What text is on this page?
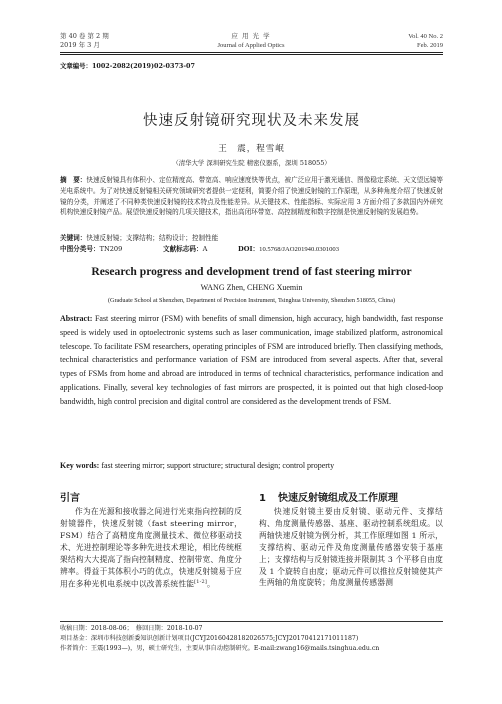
第 40 卷 第 2 期
2019 年 3 月
应 用 光 学
Journal of Applied Optics
Vol. 40 No. 2
Feb. 2019
文章编号：1002-2082(2019)02-0373-07
快速反射镜研究现状及未来发展
王　震，程雪岷
（清华大学 深圳研究生院 精密仪器系，深圳 518055）
摘　要：快速反射镜具有体积小、定位精度高、带宽高、响应速度快等优点，被广泛应用于激光通信、图像稳定系统、天文望远镜等光电系统中。为了对快速反射镜相关研究领域研究者提供一定便利，简要介绍了快速反射镜的工作原理，从多种角度介绍了快速反射镜的分类，并阐述了不同种类快速反射镜的技术特点及性能差异。从关键技术、性能指标、实际应用 3 方面介绍了多款国内外研究机构快速反射镜产品。展望快速反射镜的几项关键技术，指出高闭环带宽、高控制精度和数字控制是快速反射镜的发展趋势。
关键词：快速反射镜；支撑结构；结构设计；控制性能
中图分类号：TN209	文献标志码：A	DOI：10.5768/JAO201940.0301003
Research progress and development trend of fast steering mirror
WANG Zhen, CHENG Xuemin
(Graduate School at Shenzhen, Department of Precision Instrument, Tsinghua University, Shenzhen 518055, China)
Abstract: Fast steering mirror (FSM) with benefits of small dimension, high accuracy, high bandwidth, fast response speed is widely used in optoelectronic systems such as laser communication, image stabilized platform, astronomical telescope. To facilitate FSM researchers, operating principles of FSM are introduced briefly. Then classifying methods, technical characteristics and performance variation of FSM are introduced from several aspects. After that, several types of FSMs from home and abroad are introduced in terms of technical characteristics, performance indication and applications. Finally, several key technologies of fast mirrors are prospected, it is pointed out that high closed-loop bandwidth, high control precision and digital control are considered as the development trends of FSM.
Key words: fast steering mirror; support structure; structural design; control property
引言
作为在光源和接收器之间进行光束指向控制的反射镜器件，快速反射镜（fast steering mirror，FSM）结合了高精度角度测量技术、微位移驱动技术、光进控制理论等多种先进技术理论，相比传统框架结构大大提高了指向控制精度、控制带宽、角度分辨率。得益于其体积小巧的优点，快速反射镜易于应用在多种光机电系统中以改善系统性能[1-2]。
1 快速反射镜组成及工作原理
快速反射镜主要由反射镜、驱动元件、支撑结构、角度测量传感器、基座、驱动控制系统组成。以两轴快速反射镜为例分析，其工作原理如图 1 所示，支撑结构、驱动元件及角度测量传感器安装于基座上；支撑结构与反射镜连接并限制其 3 个平移自由度及 1 个旋转自由度；驱动元件可以推拉反射镜使其产生两轴的角度旋转；角度测量传感器测
收稿日期：2018-08-06；　修回日期：2018-10-07
项目基金：深圳市科技创新委知识创新计划项目(JCYJ20160428182026575;JCYJ20170412171011187)
作者简介：王震(1993—)，男，硕士研究生，主要从事自动控制研究。E-mail:zwang16@mails.tsinghua.edu.cn
